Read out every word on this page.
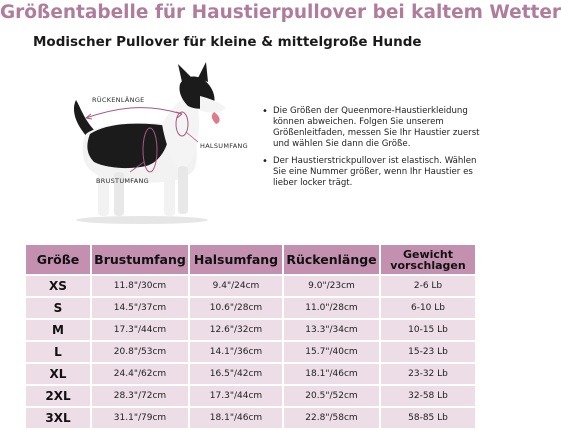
Größentabelle für Haustierpullover bei kaltem Wetter
Modischer Pullover für kleine & mittelgroße Hunde
RÜCKENLÄNGE
HALSUMFANG
BRUSTUMFANG
• Die Größen der Queenmore-Haustierkleidung können abweichen. Folgen Sie unserem Größenleitfaden, messen Sie Ihr Haustier zuerst und wählen Sie dann die Größe.
• Der Haustierstrickpullover ist elastisch. Wählen Sie eine Nummer größer, wenn Ihr Haustier es lieber locker trägt.
Größe	Brustumfang	Halsumfang	Rückenlänge	Gewicht vorschlagen
XS	11.8"/30cm	9.4"/24cm	9.0"/23cm	2-6 Lb
S	14.5"/37cm	10.6"/28cm	11.0"/28cm	6-10 Lb
M	17.3"/44cm	12.6"/32cm	13.3"/34cm	10-15 Lb
L	20.8"/53cm	14.1"/36cm	15.7"/40cm	15-23 Lb
XL	24.4"/62cm	16.5"/42cm	18.1"/46cm	23-32 Lb
2XL	28.3"/72cm	17.3"/44cm	20.5"/52cm	32-58 Lb
3XL	31.1"/79cm	18.1"/46cm	22.8"/58cm	58-85 Lb
